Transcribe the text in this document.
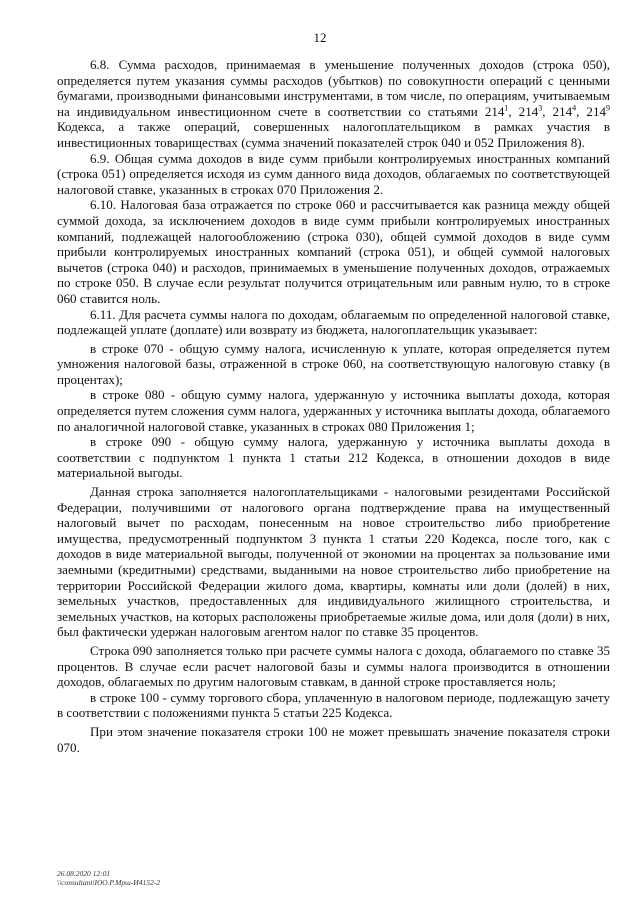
12

6.8. Сумма расходов, принимаемая в уменьшение полученных доходов (строка 050), определяется путем указания суммы расходов (убытков) по совокупности операций с ценными бумагами, производными финансовыми инструментами, в том числе, по операциям, учитываемым на индивидуальном инвестиционном счете в соответствии со статьями $214^1$, $214^3$, $214^4$, $214^9$ Кодекса, а также операций, совершенных налогоплательщиком в рамках участия в инвестиционных товариществах (сумма значений показателей строк 040 и 052 Приложения 8).

6.9. Общая сумма доходов в виде сумм прибыли контролируемых иностранных компаний (строка 051) определяется исходя из сумм данного вида доходов, облагаемых по соответствующей налоговой ставке, указанных в строках 070 Приложения 2.

6.10. Налоговая база отражается по строке 060 и рассчитывается как разница между общей суммой дохода, за исключением доходов в виде сумм прибыли контролируемых иностранных компаний, подлежащей налогообложению (строка 030), общей суммой доходов в виде сумм прибыли контролируемых иностранных компаний (строка 051), и общей суммой налоговых вычетов (строка 040) и расходов, принимаемых в уменьшение полученных доходов, отражаемых по строке 050. В случае если результат получится отрицательным или равным нулю, то в строке 060 ставится ноль.

6.11. Для расчета суммы налога по доходам, облагаемым по определенной налоговой ставке, подлежащей уплате (доплате) или возврату из бюджета, налогоплательщик указывает:

в строке 070 - общую сумму налога, исчисленную к уплате, которая определяется путем умножения налоговой базы, отраженной в строке 060, на соответствующую налоговую ставку (в процентах);

в строке 080 - общую сумму налога, удержанную у источника выплаты дохода, которая определяется путем сложения сумм налога, удержанных у источника выплаты дохода, облагаемого по аналогичной налоговой ставке, указанных в строках 080 Приложения 1;

в строке 090 - общую сумму налога, удержанную у источника выплаты дохода в соответствии с подпунктом 1 пункта 1 статьи 212 Кодекса, в отношении доходов в виде материальной выгоды.

Данная строка заполняется налогоплательщиками - налоговыми резидентами Российской Федерации, получившими от налогового органа подтверждение права на имущественный налоговый вычет по расходам, понесенным на новое строительство либо приобретение имущества, предусмотренный подпунктом 3 пункта 1 статьи 220 Кодекса, после того, как с доходов в виде материальной выгоды, полученной от экономии на процентах за пользование ими заемными (кредитными) средствами, выданными на новое строительство либо приобретение на территории Российской Федерации жилого дома, квартиры, комнаты или доли (долей) в них, земельных участков, предоставленных для индивидуального жилищного строительства, и земельных участков, на которых расположены приобретаемые жилые дома, или доля (доли) в них, был фактически удержан налоговым агентом налог по ставке 35 процентов.

Строка 090 заполняется только при расчете суммы налога с дохода, облагаемого по ставке 35 процентов. В случае если расчет налоговой базы и суммы налога производится в отношении доходов, облагаемых по другим налоговым ставкам, в данной строке проставляется ноль;

в строке 100 - сумму торгового сбора, уплаченную в налоговом периоде, подлежащую зачету в соответствии с положениями пункта 5 статьи 225 Кодекса.

При этом значение показателя строки 100 не может превышать значение показателя строки 070.

26.08.2020 12:01
\\consultant\ЮО.Р.Мрш-И4152-2
